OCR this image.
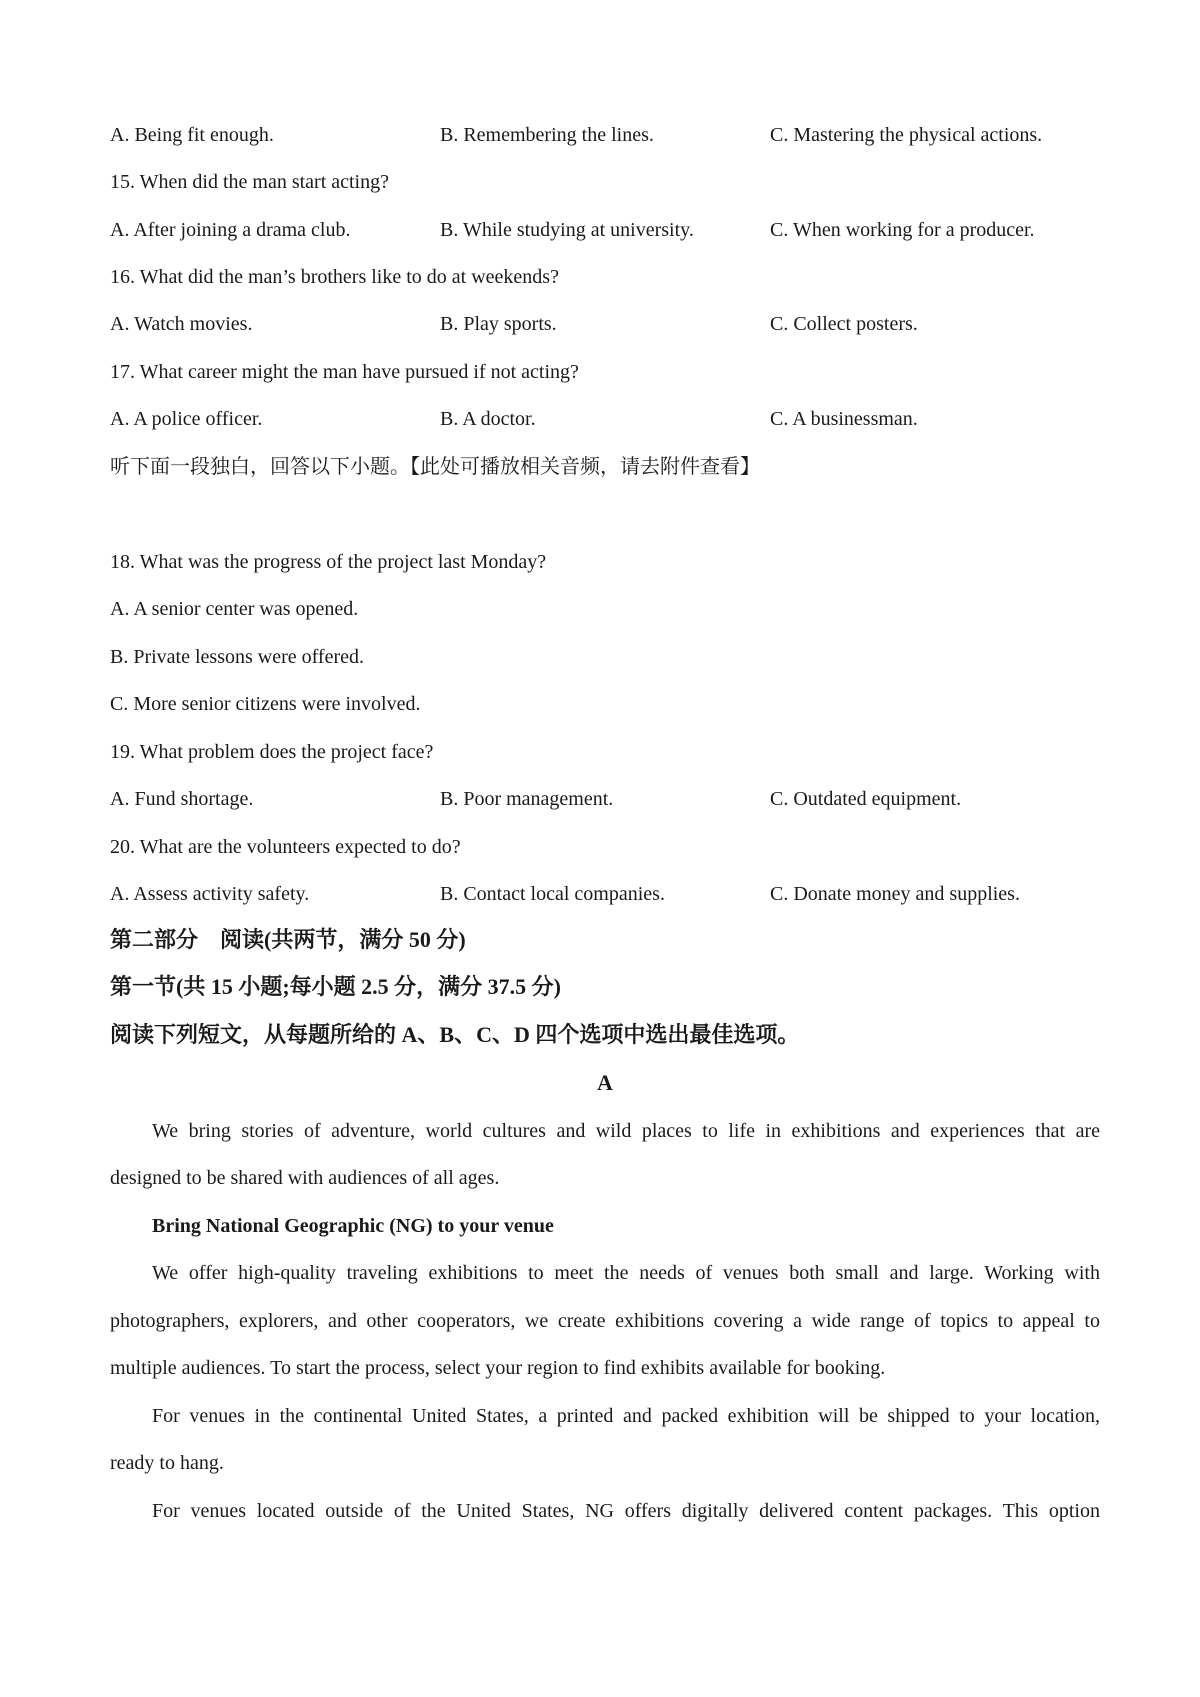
A. Being fit enough.	B. Remembering the lines.	C. Mastering the physical actions.
15. When did the man start acting?
A. After joining a drama club.	B. While studying at university.	C. When working for a producer.
16. What did the man’s brothers like to do at weekends?
A. Watch movies.	B. Play sports.	C. Collect posters.
17. What career might the man have pursued if not acting?
A. A police officer.	B. A doctor.	C. A businessman.
听下面一段独白，回答以下小题。【此处可播放相关音频，请去附件查看】
18. What was the progress of the project last Monday?
A. A senior center was opened.
B. Private lessons were offered.
C. More senior citizens were involved.
19. What problem does the project face?
A. Fund shortage.	B. Poor management.	C. Outdated equipment.
20. What are the volunteers expected to do?
A. Assess activity safety.	B. Contact local companies.	C. Donate money and supplies.
第二部分　阅读(共两节，满分 50 分)
第一节(共 15 小题;每小题 2.5 分，满分 37.5 分)
阅读下列短文，从每题所给的 A、B、C、D 四个选项中选出最佳选项。
A
We bring stories of adventure, world cultures and wild places to life in exhibitions and experiences that are
designed to be shared with audiences of all ages.
Bring National Geographic (NG) to your venue
We offer high-quality traveling exhibitions to meet the needs of venues both small and large. Working with
photographers, explorers, and other cooperators, we create exhibitions covering a wide range of topics to appeal to
multiple audiences. To start the process, select your region to find exhibits available for booking.
For venues in the continental United States, a printed and packed exhibition will be shipped to your location,
ready to hang.
For venues located outside of the United States, NG offers digitally delivered content packages. This option
